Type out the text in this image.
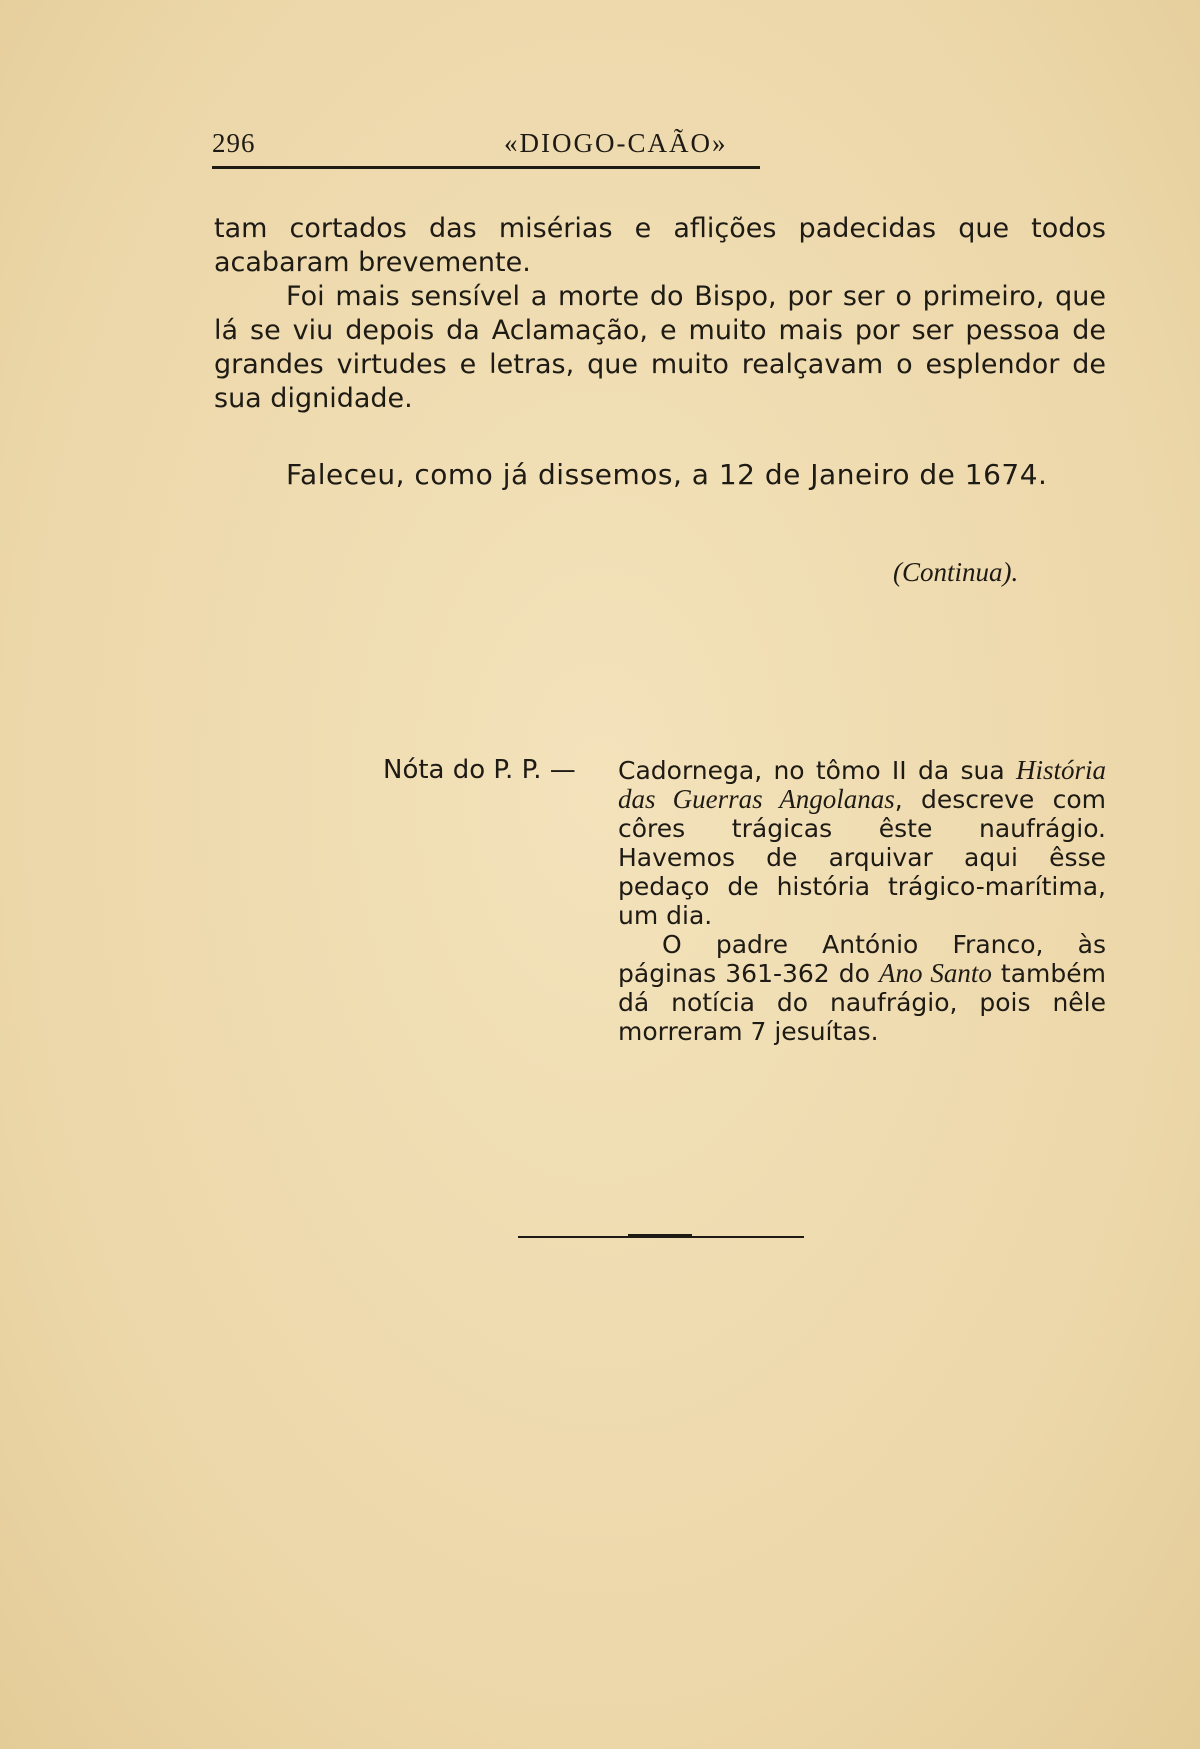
296	«DIOGO-CAÃO»

tam cortados das misérias e aflições padecidas que todos acabaram brevemente.

Foi mais sensível a morte do Bispo, por ser o primeiro, que lá se viu depois da Aclamação, e muito mais por ser pessoa de grandes virtudes e letras, que muito realçavam o esplendor de sua dignidade.

Faleceu, como já dissemos, a 12 de Janeiro de 1674.
(Continua).
Nóta do P. P. — Cadornega, no tômo II da sua História das Guerras Angolanas, descreve com côres trágicas êste naufrágio. Havemos de arquivar aqui êsse pedaço de história trágico-marítima, um dia.

O padre António Franco, às páginas 361-362 do Ano Santo também dá notícia do naufrágio, pois nêle morreram 7 jesuítas.
